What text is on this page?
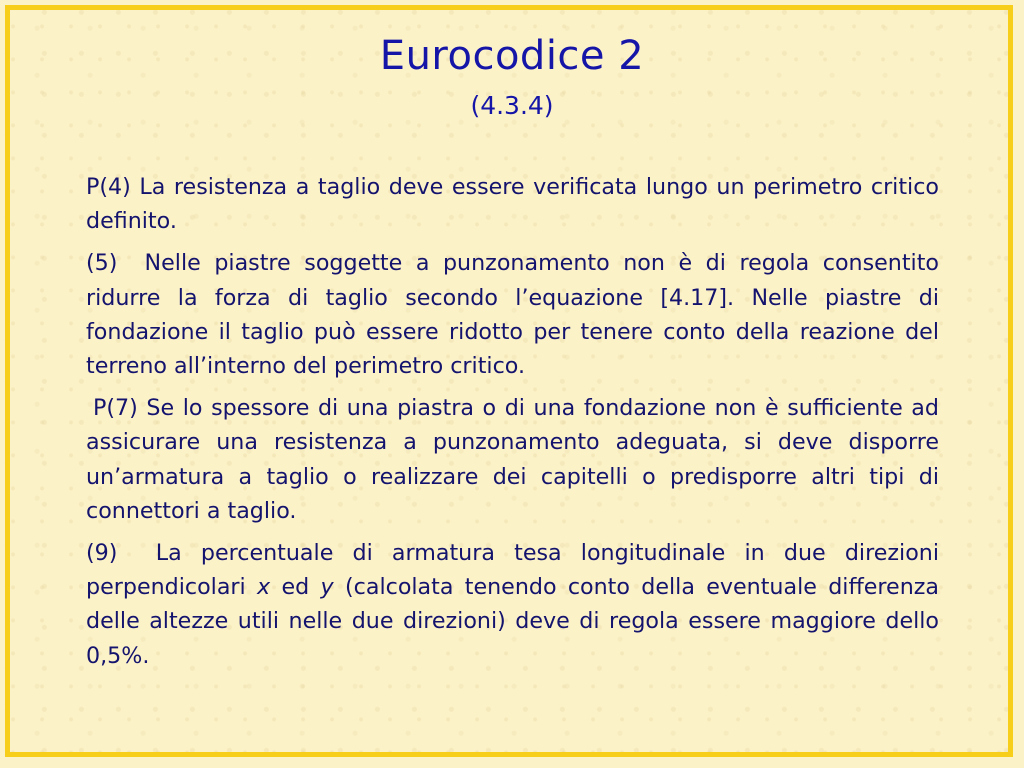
Eurocodice 2
(4.3.4)

P(4) La resistenza a taglio deve essere verificata lungo un perimetro critico definito.

(5)  Nelle piastre soggette a punzonamento non è di regola consentito ridurre la forza di taglio secondo l’equazione [4.17]. Nelle piastre di fondazione il taglio può essere ridotto per tenere conto della reazione del terreno all’interno del perimetro critico.

P(7) Se lo spessore di una piastra o di una fondazione non è sufficiente ad assicurare una resistenza a punzonamento adeguata, si deve disporre un’armatura a taglio o realizzare dei capitelli o predisporre altri tipi di connettori a taglio.

(9)  La percentuale di armatura tesa longitudinale in due direzioni perpendicolari x ed y (calcolata tenendo conto della eventuale differenza delle altezze utili nelle due direzioni) deve di regola essere maggiore dello 0,5%.
